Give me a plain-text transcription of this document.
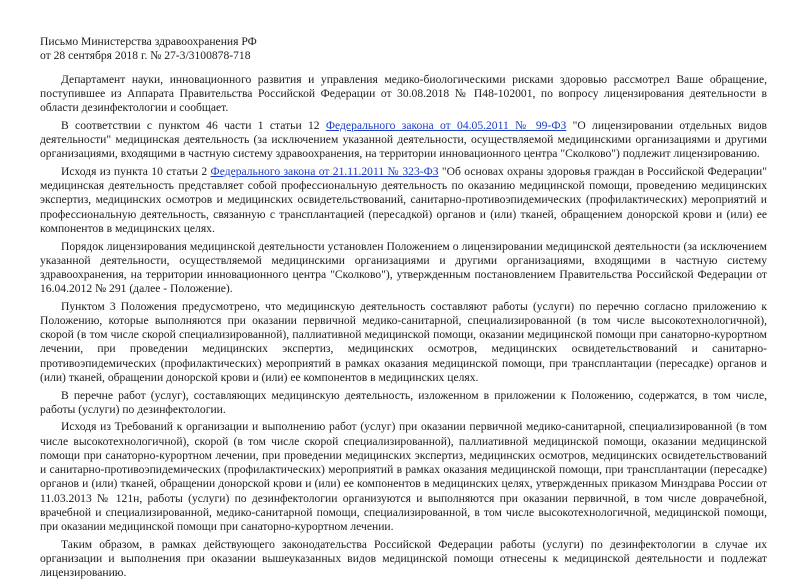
Письмо Министерства здравоохранения РФ
от 28 сентября 2018 г. № 27-3/3100878-718

Департамент науки, инновационного развития и управления медико-биологическими рисками здоровью рассмотрел Ваше обращение, поступившее из Аппарата Правительства Российской Федерации от 30.08.2018 № П48-102001, по вопросу лицензирования деятельности в области дезинфектологии и сообщает.

В соответствии с пунктом 46 части 1 статьи 12 Федерального закона от 04.05.2011 № 99-ФЗ "О лицензировании отдельных видов деятельности" медицинская деятельность (за исключением указанной деятельности, осуществляемой медицинскими организациями и другими организациями, входящими в частную систему здравоохранения, на территории инновационного центра "Сколково") подлежит лицензированию.

Исходя из пункта 10 статьи 2 Федерального закона от 21.11.2011 № 323-ФЗ "Об основах охраны здоровья граждан в Российской Федерации" медицинская деятельность представляет собой профессиональную деятельность по оказанию медицинской помощи, проведению медицинских экспертиз, медицинских осмотров и медицинских освидетельствований, санитарно-противоэпидемических (профилактических) мероприятий и профессиональную деятельность, связанную с трансплантацией (пересадкой) органов и (или) тканей, обращением донорской крови и (или) ее компонентов в медицинских целях.

Порядок лицензирования медицинской деятельности установлен Положением о лицензировании медицинской деятельности (за исключением указанной деятельности, осуществляемой медицинскими организациями и другими организациями, входящими в частную систему здравоохранения, на территории инновационного центра "Сколково"), утвержденным постановлением Правительства Российской Федерации от 16.04.2012 № 291 (далее - Положение).

Пунктом 3 Положения предусмотрено, что медицинскую деятельность составляют работы (услуги) по перечню согласно приложению к Положению, которые выполняются при оказании первичной медико-санитарной, специализированной (в том числе высокотехнологичной), скорой (в том числе скорой специализированной), паллиативной медицинской помощи, оказании медицинской помощи при санаторно-курортном лечении, при проведении медицинских экспертиз, медицинских осмотров, медицинских освидетельствований и санитарно-противоэпидемических (профилактических) мероприятий в рамках оказания медицинской помощи, при трансплантации (пересадке) органов и (или) тканей, обращении донорской крови и (или) ее компонентов в медицинских целях.

В перечне работ (услуг), составляющих медицинскую деятельность, изложенном в приложении к Положению, содержатся, в том числе, работы (услуги) по дезинфектологии.

Исходя из Требований к организации и выполнению работ (услуг) при оказании первичной медико-санитарной, специализированной (в том числе высокотехнологичной), скорой (в том числе скорой специализированной), паллиативной медицинской помощи, оказании медицинской помощи при санаторно-курортном лечении, при проведении медицинских экспертиз, медицинских осмотров, медицинских освидетельствований и санитарно-противоэпидемических (профилактических) мероприятий в рамках оказания медицинской помощи, при трансплантации (пересадке) органов и (или) тканей, обращении донорской крови и (или) ее компонентов в медицинских целях, утвержденных приказом Минздрава России от 11.03.2013 № 121н, работы (услуги) по дезинфектологии организуются и выполняются при оказании первичной, в том числе доврачебной, врачебной и специализированной, медико-санитарной помощи, специализированной, в том числе высокотехнологичной, медицинской помощи, при оказании медицинской помощи при санаторно-курортном лечении.

Таким образом, в рамках действующего законодательства Российской Федерации работы (услуги) по дезинфектологии в случае их организации и выполнения при оказании вышеуказанных видов медицинской помощи отнесены к медицинской деятельности и подлежат лицензированию.
